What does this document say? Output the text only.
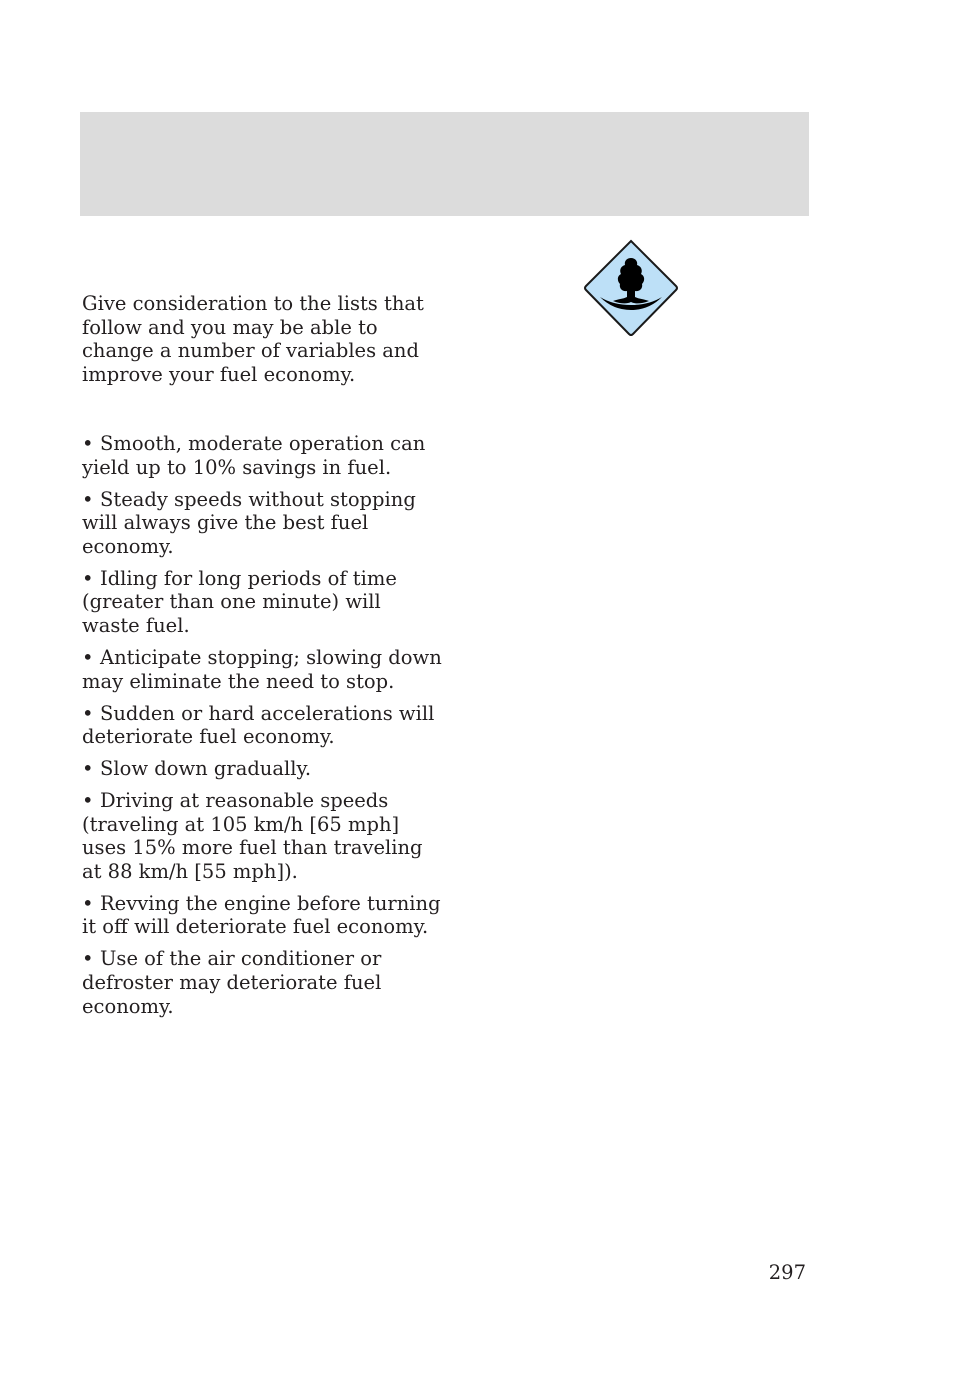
Give consideration to the lists that follow and you may be able to change a number of variables and improve your fuel economy.

• Smooth, moderate operation can yield up to 10% savings in fuel.
• Steady speeds without stopping will always give the best fuel economy.
• Idling for long periods of time (greater than one minute) will waste fuel.
• Anticipate stopping; slowing down may eliminate the need to stop.
• Sudden or hard accelerations will deteriorate fuel economy.
• Slow down gradually.
• Driving at reasonable speeds (traveling at 105 km/h [65 mph] uses 15% more fuel than traveling at 88 km/h [55 mph]).
• Revving the engine before turning it off will deteriorate fuel economy.
• Use of the air conditioner or defroster may deteriorate fuel economy.
297
